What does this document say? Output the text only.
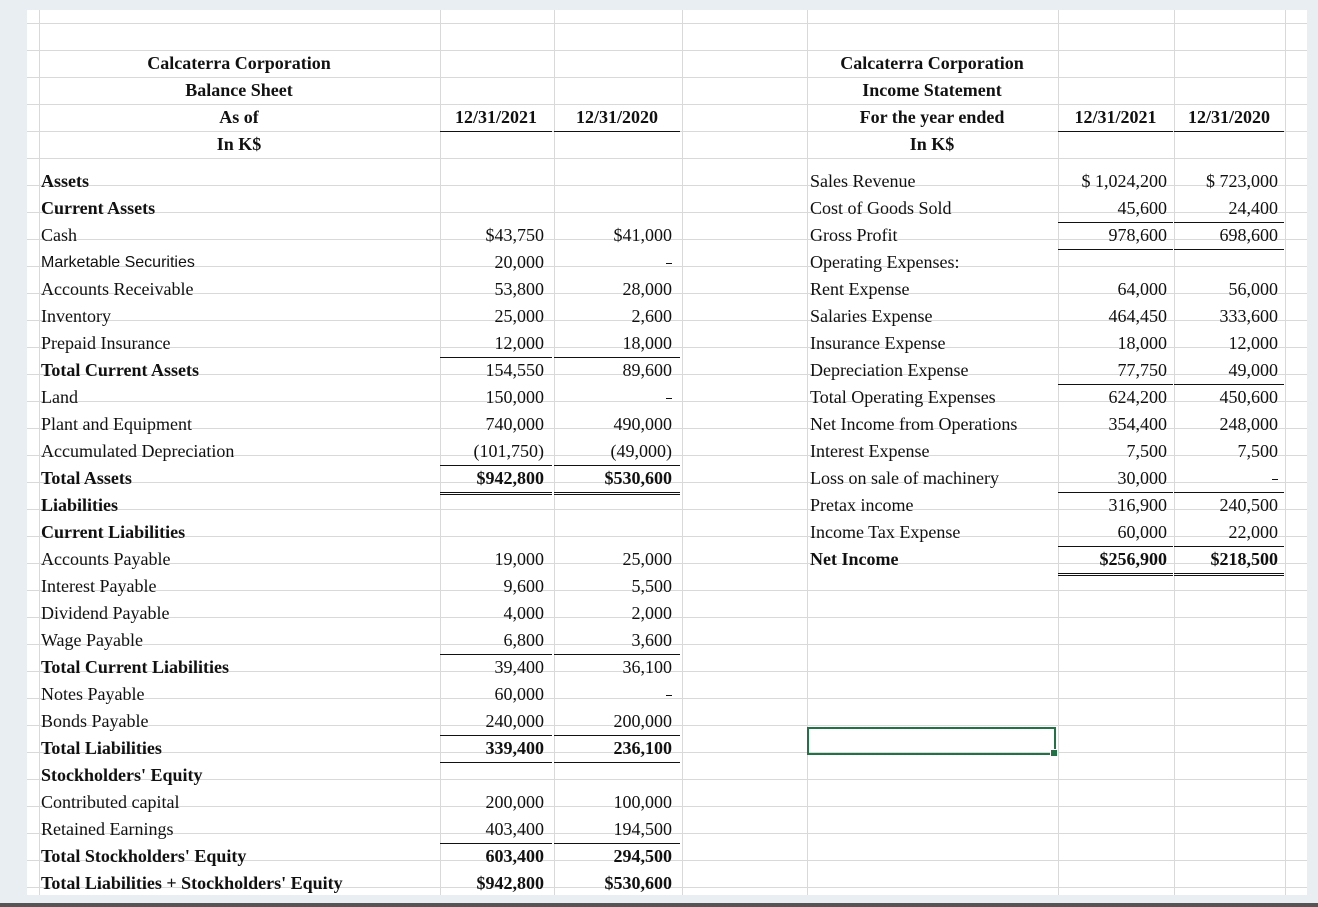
Calcaterra Corporation
Balance Sheet
As of
In K$
12/31/2021	12/31/2020
Assets
Current Assets
Cash	$43,750	$41,000
Marketable Securities	20,000
Accounts Receivable	53,800	28,000
Inventory	25,000	2,600
Prepaid Insurance	12,000	18,000
Total Current Assets	154,550	89,600
Land	150,000
Plant and Equipment	740,000	490,000
Accumulated Depreciation	(101,750)	(49,000)
Total Assets	$942,800	$530,600
Liabilities
Current Liabilities
Accounts Payable	19,000	25,000
Interest Payable	9,600	5,500
Dividend Payable	4,000	2,000
Wage Payable	6,800	3,600
Total Current Liabilities	39,400	36,100
Notes Payable	60,000
Bonds Payable	240,000	200,000
Total Liabilities	339,400	236,100
Stockholders' Equity
Contributed capital	200,000	100,000
Retained Earnings	403,400	194,500
Total Stockholders' Equity	603,400	294,500
Total Liabilities + Stockholders' Equity	$942,800	$530,600
Calcaterra Corporation
Income Statement
For the year ended
In K$
12/31/2021	12/31/2020
Sales Revenue	$ 1,024,200	$ 723,000
Cost of Goods Sold	45,600	24,400
Gross Profit	978,600	698,600
Operating Expenses:
Rent Expense	64,000	56,000
Salaries Expense	464,450	333,600
Insurance Expense	18,000	12,000
Depreciation Expense	77,750	49,000
Total Operating Expenses	624,200	450,600
Net Income from Operations	354,400	248,000
Interest Expense	7,500	7,500
Loss on sale of machinery	30,000
Pretax income	316,900	240,500
Income Tax Expense	60,000	22,000
Net Income	$256,900	$218,500
